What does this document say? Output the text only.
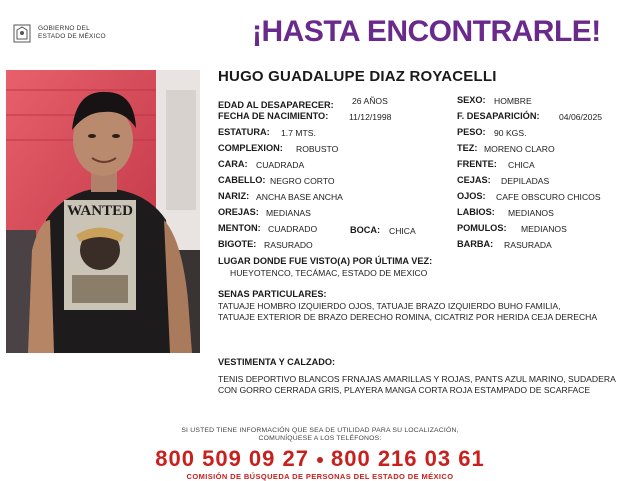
GOBIERNO DEL
ESTADO DE MÉXICO	¡HASTA ENCONTRARLE!
WANTED
HUGO GUADALUPE DIAZ ROYACELLI
EDAD AL DESAPARECER: 26 AÑOS
FECHA DE NACIMIENTO: 11/12/1998
ESTATURA: 1.7 MTS.
COMPLEXION: ROBUSTO
CARA: CUADRADA
CABELLO: NEGRO CORTO
NARIZ: ANCHA BASE ANCHA
OREJAS: MEDIANAS
MENTON: CUADRADO
BIGOTE: RASURADO
BOCA: CHICA
SEXO: HOMBRE
F. DESAPARICIÓN: 04/06/2025
PESO: 90 KGS.
TEZ: MORENO CLARO
FRENTE: CHICA
CEJAS: DEPILADAS
OJOS: CAFE OBSCURO CHICOS
LABIOS: MEDIANOS
POMULOS: MEDIANOS
BARBA: RASURADA
LUGAR DONDE FUE VISTO(A) POR ÚLTIMA VEZ:
HUEYOTENCO, TECÁMAC, ESTADO DE MEXICO
SENAS PARTICULARES:
TATUAJE HOMBRO IZQUIERDO OJOS, TATUAJE BRAZO IZQUIERDO BUHO FAMILIA, TATUAJE EXTERIOR DE BRAZO DERECHO ROMINA, CICATRIZ POR HERIDA CEJA DERECHA
VESTIMENTA Y CALZADO:
TENIS DEPORTIVO BLANCOS FRNAJAS AMARILLAS Y ROJAS, PANTS AZUL MARINO, SUDADERA CON GORRO CERRADA GRIS, PLAYERA MANGA CORTA ROJA ESTAMPADO DE SCARFACE
SI USTED TIENE INFORMACIÓN QUE SEA DE UTILIDAD PARA SU LOCALIZACIÓN,
COMUNÍQUESE A LOS TELÉFONOS:
800 509 09 27 800 216 03 61
COMISIÓN DE BÚSQUEDA DE PERSONAS DEL ESTADO DE MÉXICO
